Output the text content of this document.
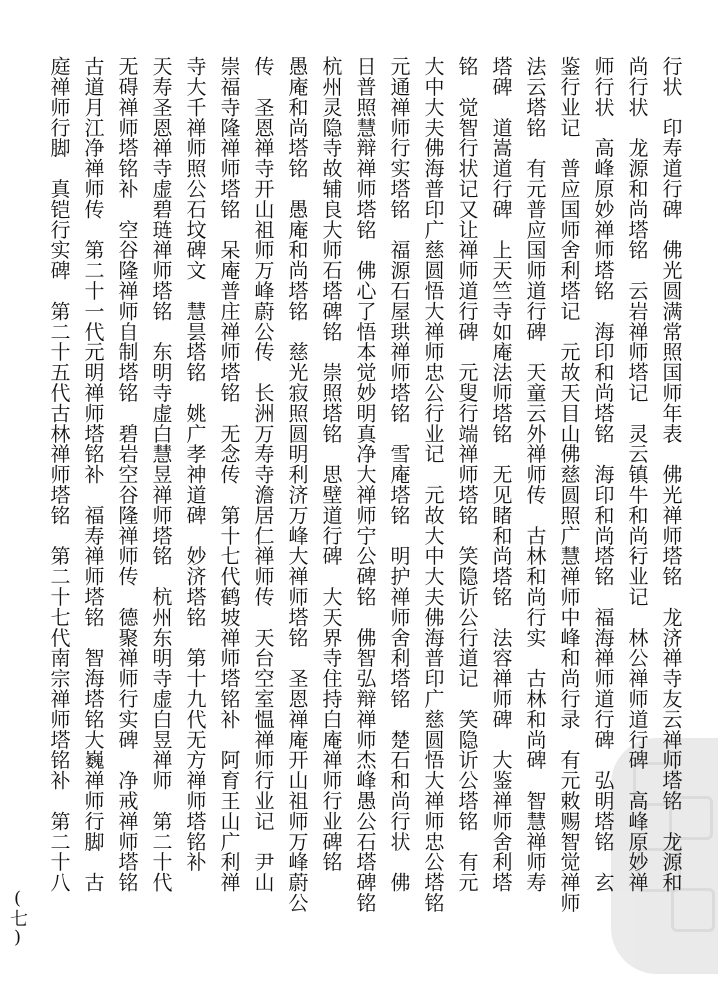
行状　印寿道行碑　佛光圆满常照国师年表　佛光禅师塔铭　龙济禅寺友云禅师塔铭　龙源和
尚行状　龙源和尚塔铭　云岩禅师塔记　灵云镇牛和尚行业记　林公禅师道行碑　高峰原妙禅
师行状　高峰原妙禅师塔铭　海印和尚塔铭　海印和尚塔铭　福海禅师道行碑　弘明塔铭　玄
鉴行业记　普应国师舍利塔记　元故天目山佛慈圆照广慧禅师中峰和尚行录　有元敕赐智觉禅师
法云塔铭　有元普应国师道行碑　天童云外禅师传　古林和尚行实　古林和尚碑　智慧禅师寿
塔碑　道嵩道行碑　上天竺寺如庵法师塔铭　无见睹和尚塔铭　法容禅师碑　大鉴禅师舍利塔
铭　觉智行状记又让禅师道行碑　元叟行端禅师塔铭　笑隐䜣公行道记　笑隐䜣公塔铭　有元
大中大夫佛海普印广慈圆悟大禅师忠公行业记　元故大中大夫佛海普印广慈圆悟大禅师忠公塔铭
元通禅师行实塔铭　福源石屋珙禅师塔铭　雪庵塔铭　明护禅师舍利塔铭　楚石和尚行状　佛
日普照慧辩禅师塔铭　佛心了悟本觉妙明真净大禅师宁公碑铭　佛智弘辩禅师杰峰愚公石塔碑铭
杭州灵隐寺故辅良大师石塔碑铭　崇照塔铭　思壁道行碑　大天界寺住持白庵禅师行业碑铭
愚庵和尚塔铭　愚庵和尚塔铭　慈光寂照圆明利济万峰大禅师塔铭　圣恩禅庵开山祖师万峰蔚公
传　圣恩禅寺开山祖师万峰蔚公传　长洲万寿寺澹居仁禅师传　天台空室愠禅师行业记　尹山
崇福寺隆禅师塔铭　呆庵普庄禅师塔铭　无念传　第十七代鹤坡禅师塔铭补　阿育王山广利禅
寺大千禅师照公石坟碑文　慧昙塔铭　姚广孝神道碑　妙济塔铭　第十九代无方禅师塔铭补
天寿圣恩禅寺虚碧琏禅师塔铭　东明寺虚白慧昱禅师塔铭　杭州东明寺虚白昱禅师　第二十代
无碍禅师塔铭补　空谷隆禅师自制塔铭　碧岩空谷隆禅师传　德聚禅师行实碑　净戒禅师塔铭
古道月江净禅师传　第二十一代元明禅师塔铭补　福寿禅师塔铭　智海塔铭大巍禅师行脚　古
庭禅师行脚　真铠行实碑　第二十五代古林禅师塔铭　第二十七代南宗禅师塔铭补　第二十八
(七)
